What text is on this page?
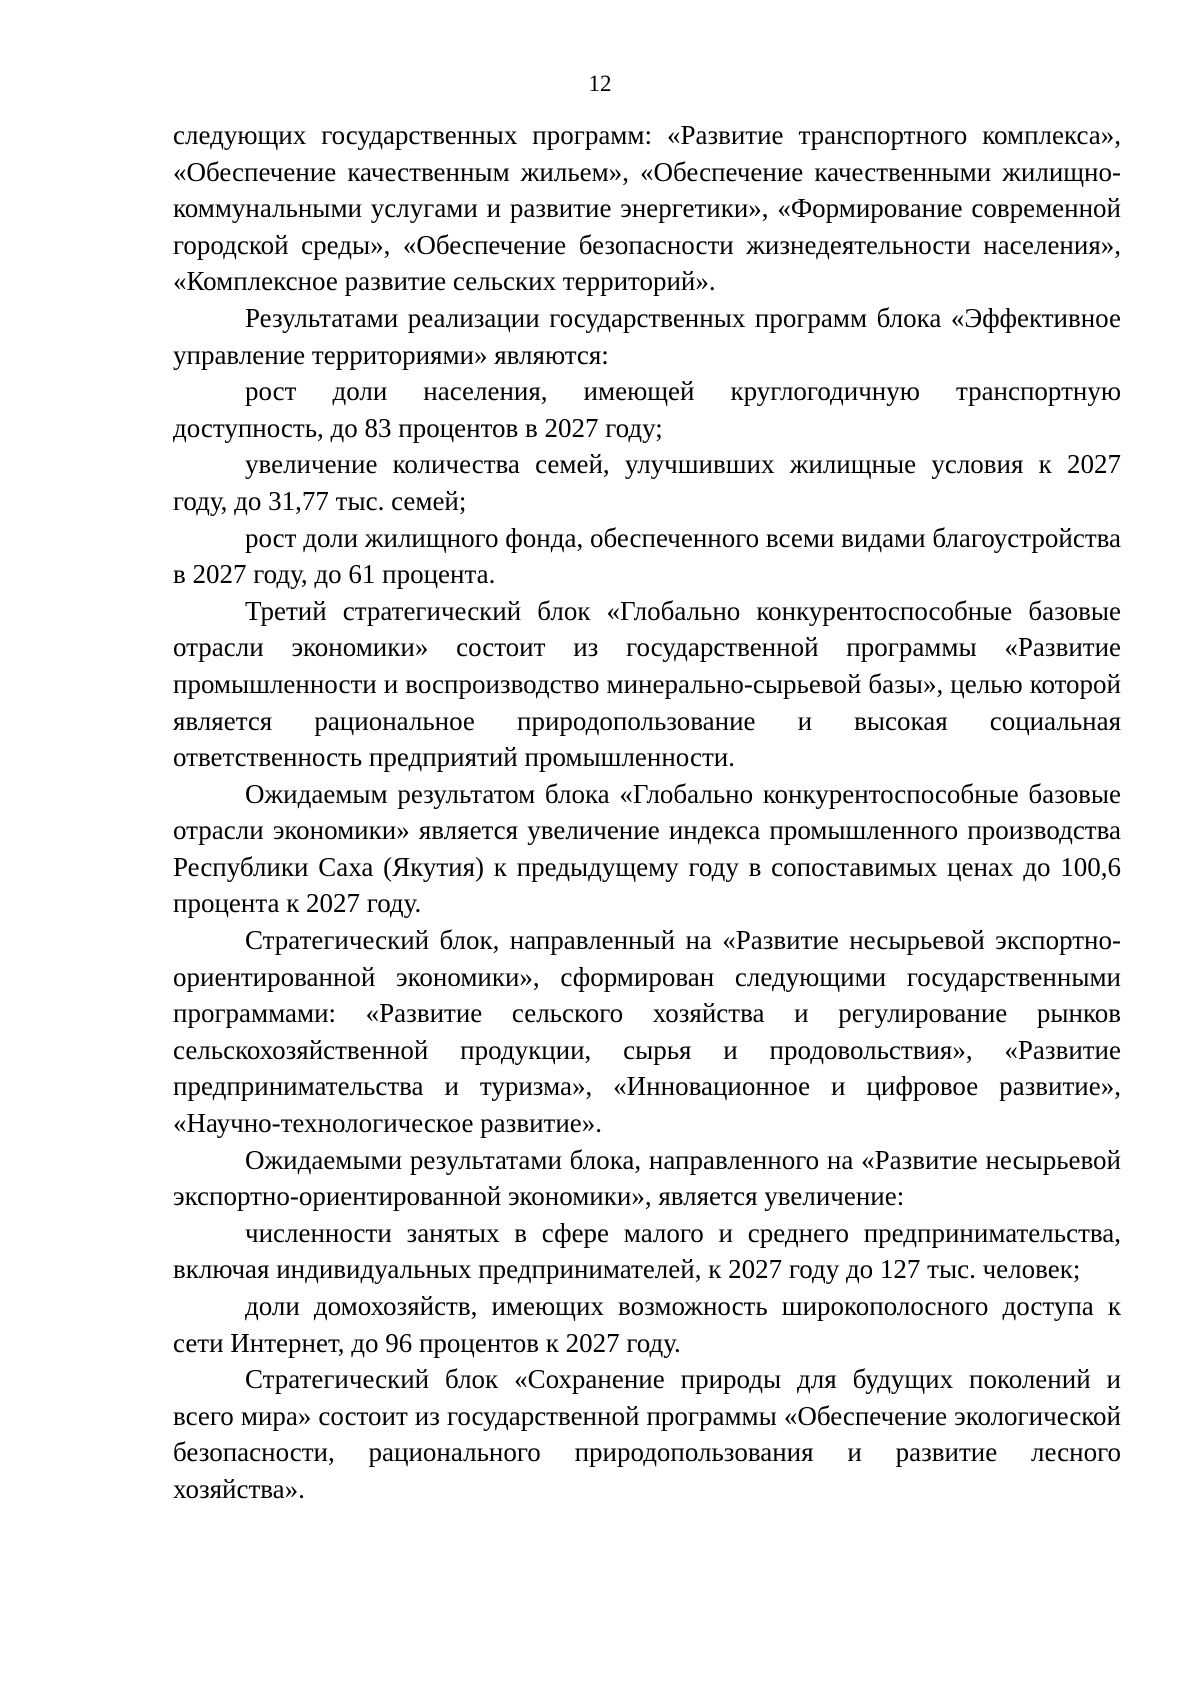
12

следующих государственных программ: «Развитие транспортного комплекса», «Обеспечение качественным жильем», «Обеспечение качественными жилищно-коммунальными услугами и развитие энергетики», «Формирование современной городской среды», «Обеспечение безопасности жизнедеятельности населения», «Комплексное развитие сельских территорий».

Результатами реализации государственных программ блока «Эффективное управление территориями» являются:

рост доли населения, имеющей круглогодичную транспортную доступность, до 83 процентов в 2027 году;

увеличение количества семей, улучшивших жилищные условия к 2027 году, до 31,77 тыс. семей;

рост доли жилищного фонда, обеспеченного всеми видами благоустройства в 2027 году, до 61 процента.

Третий стратегический блок «Глобально конкурентоспособные базовые отрасли экономики» состоит из государственной программы «Развитие промышленности и воспроизводство минерально-сырьевой базы», целью которой является рациональное природопользование и высокая социальная ответственность предприятий промышленности.

Ожидаемым результатом блока «Глобально конкурентоспособные базовые отрасли экономики» является увеличение индекса промышленного производства Республики Саха (Якутия) к предыдущему году в сопоставимых ценах до 100,6 процента к 2027 году.

Стратегический блок, направленный на «Развитие несырьевой экспортно-ориентированной экономики», сформирован следующими государственными программами: «Развитие сельского хозяйства и регулирование рынков сельскохозяйственной продукции, сырья и продовольствия», «Развитие предпринимательства и туризма», «Инновационное и цифровое развитие», «Научно-технологическое развитие».

Ожидаемыми результатами блока, направленного на «Развитие несырьевой экспортно-ориентированной экономики», является увеличение:

численности занятых в сфере малого и среднего предпринимательства, включая индивидуальных предпринимателей, к 2027 году до 127 тыс. человек;

доли домохозяйств, имеющих возможность широкополосного доступа к сети Интернет, до 96 процентов к 2027 году.

Стратегический блок «Сохранение природы для будущих поколений и всего мира» состоит из государственной программы «Обеспечение экологической безопасности, рационального природопользования и развитие лесного хозяйства».
